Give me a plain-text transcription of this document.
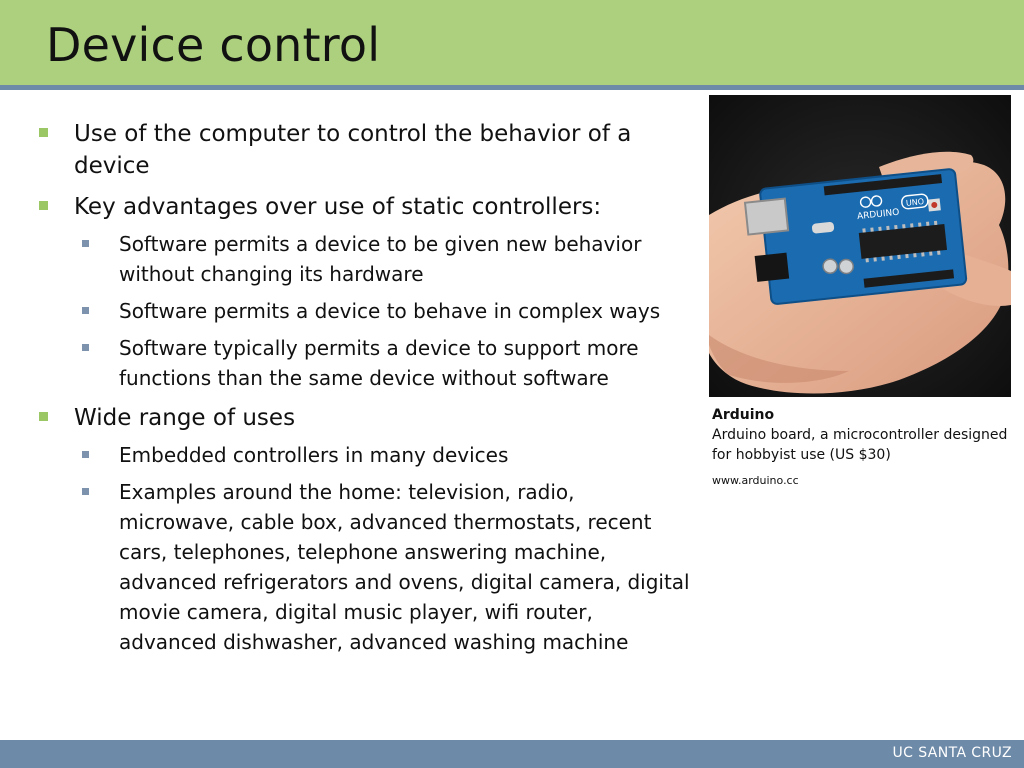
Device control
Use of the computer to control the behavior of a device
Key advantages over use of static controllers:
Software permits a device to be given new behavior without changing its hardware
Software permits a device to behave in complex ways
Software typically permits a device to support more functions than the same device without software
Wide range of uses
Embedded controllers in many devices
Examples around the home: television, radio, microwave, cable box, advanced thermostats, recent cars, telephones, telephone answering machine, advanced refrigerators and ovens, digital camera, digital movie camera, digital music player, wifi router, advanced dishwasher, advanced washing machine
ARDUINO
UNO
Arduino
Arduino board, a microcontroller designed for hobbyist use (US $30)
www.arduino.cc
UC SANTA CRUZ
